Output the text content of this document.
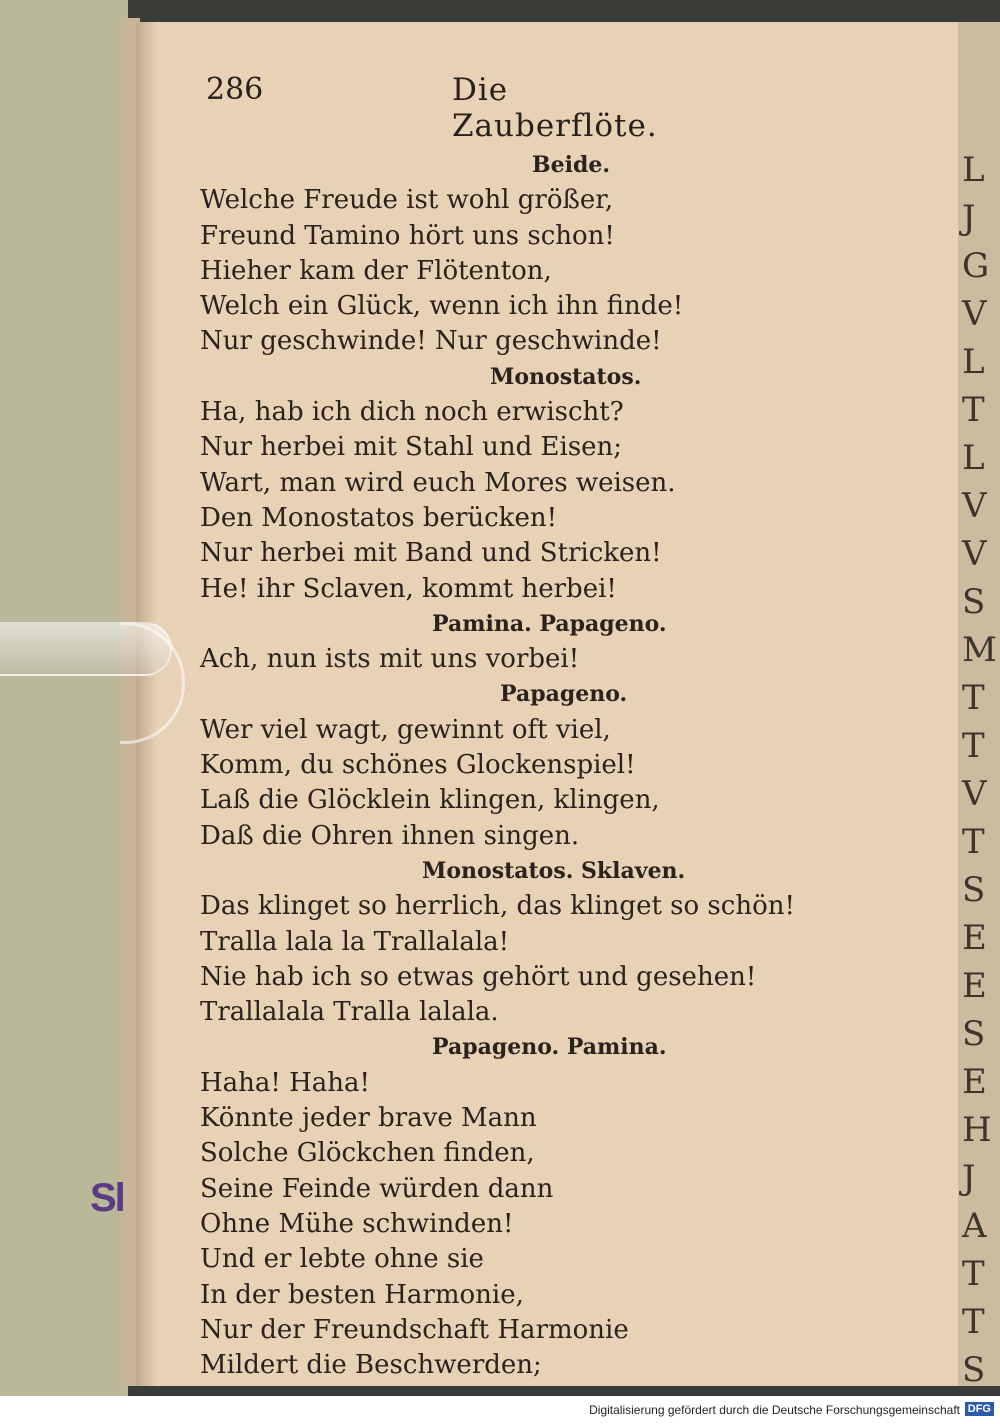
Sl
L
J
G
V
L
T
L
V
V
S
M
T
T
V
T
S
E
E
S
E
H
J
A
T
T
S
286	Die Zauberflöte.
Beide.
Welche Freude ist wohl größer,
Freund Tamino hört uns schon!
Hieher kam der Flötenton,
Welch ein Glück, wenn ich ihn finde!
Nur geschwinde! Nur geschwinde!
Monostatos.
Ha, hab ich dich noch erwischt?
Nur herbei mit Stahl und Eisen;
Wart, man wird euch Mores weisen.
Den Monostatos berücken!
Nur herbei mit Band und Stricken!
He! ihr Sclaven, kommt herbei!
Pamina. Papageno.
Ach, nun ists mit uns vorbei!
Papageno.
Wer viel wagt, gewinnt oft viel,
Komm, du schönes Glockenspiel!
Laß die Glöcklein klingen, klingen,
Daß die Ohren ihnen singen.
Monostatos. Sklaven.
Das klinget so herrlich, das klinget so schön!
Tralla lala la Trallalala!
Nie hab ich so etwas gehört und gesehen!
Trallalala Tralla lalala.
Papageno. Pamina.
Haha! Haha!
Könnte jeder brave Mann
Solche Glöckchen finden,
Seine Feinde würden dann
Ohne Mühe schwinden!
Und er lebte ohne sie
In der besten Harmonie,
Nur der Freundschaft Harmonie
Mildert die Beschwerden;
Digitalisierung gefördert durch die Deutsche Forschungsgemeinschaft DFG
